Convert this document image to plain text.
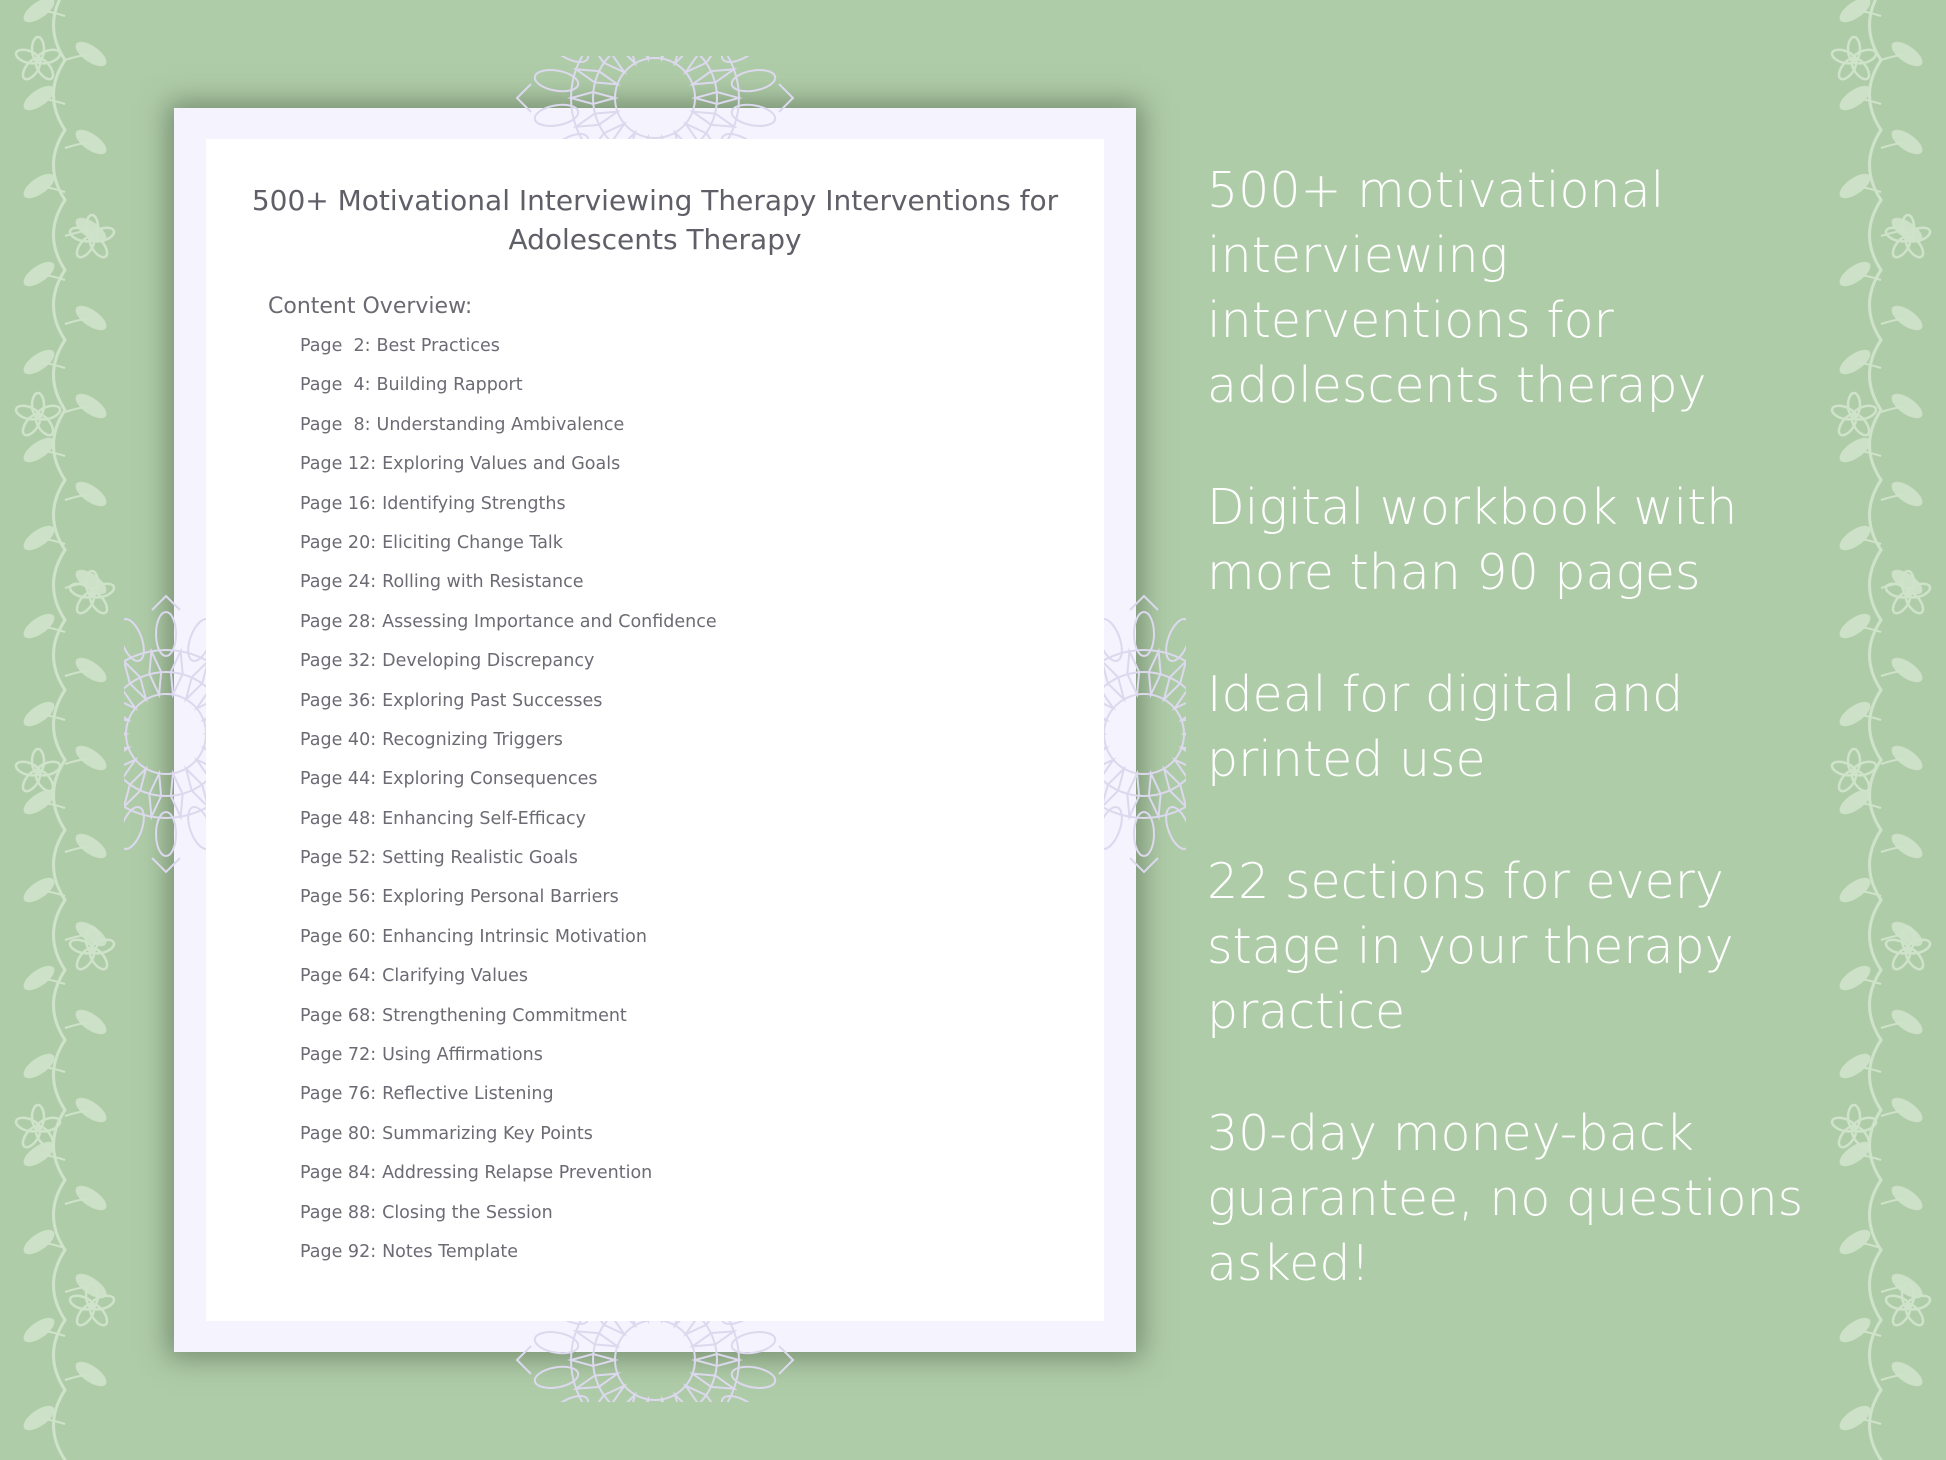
500+ Motivational Interviewing Therapy Interventions for Adolescents Therapy
Content Overview:
Page  2: Best Practices
Page  4: Building Rapport
Page  8: Understanding Ambivalence
Page 12: Exploring Values and Goals
Page 16: Identifying Strengths
Page 20: Eliciting Change Talk
Page 24: Rolling with Resistance
Page 28: Assessing Importance and Confidence
Page 32: Developing Discrepancy
Page 36: Exploring Past Successes
Page 40: Recognizing Triggers
Page 44: Exploring Consequences
Page 48: Enhancing Self-Efficacy
Page 52: Setting Realistic Goals
Page 56: Exploring Personal Barriers
Page 60: Enhancing Intrinsic Motivation
Page 64: Clarifying Values
Page 68: Strengthening Commitment
Page 72: Using Affirmations
Page 76: Reflective Listening
Page 80: Summarizing Key Points
Page 84: Addressing Relapse Prevention
Page 88: Closing the Session
Page 92: Notes Template
500+ motivational interviewing interventions for adolescents therapy
Digital workbook with more than 90 pages
Ideal for digital and printed use
22 sections for every stage in your therapy practice
30-day money-back guarantee, no questions asked!
